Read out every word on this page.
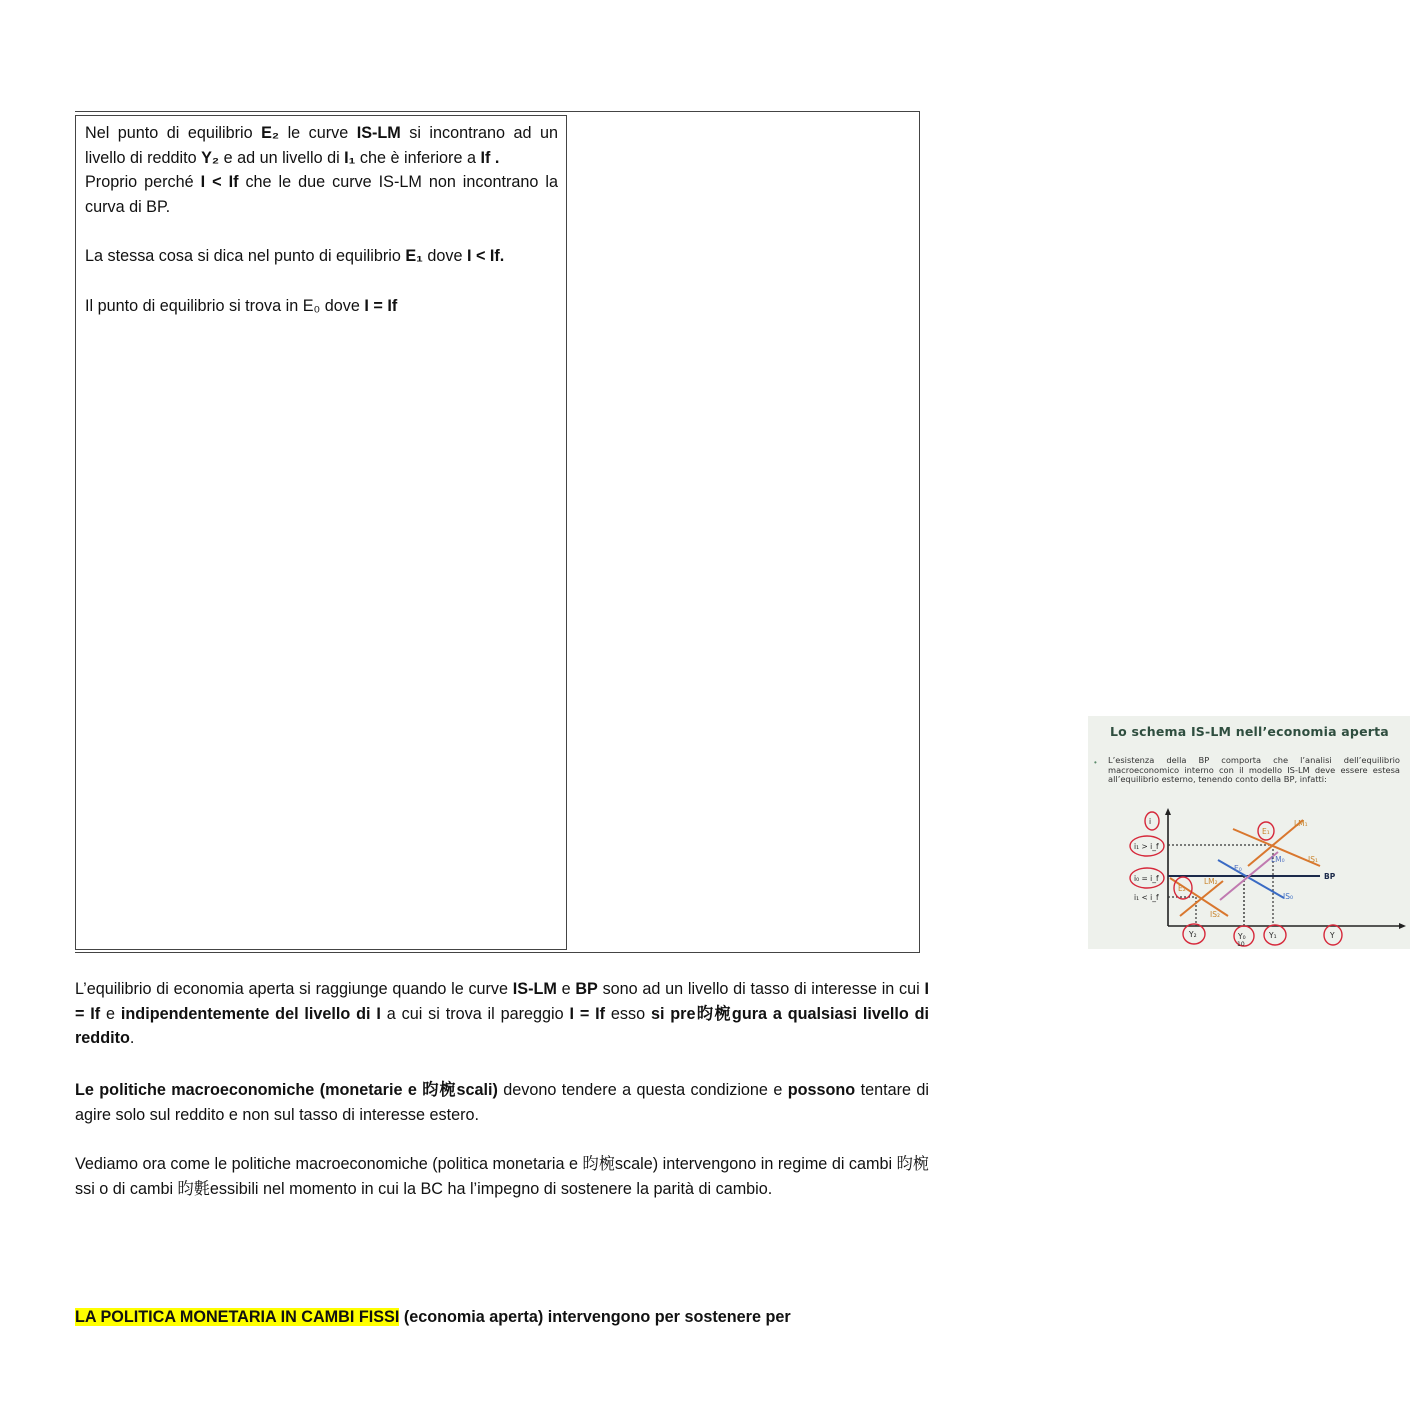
Nel punto di equilibrio E₂ le curve IS-LM si incontrano ad un livello di reddito Y₂ e ad un livello di I₁ che è inferiore a If .

Proprio perché I < If che le due curve IS-LM non incontrano la curva di BP.

La stessa cosa si dica nel punto di equilibrio E₁ dove I < If.

Il punto di equilibrio si trova in E₀ dove I = If

Lo schema IS-LM nell’economia aperta
• L’esistenza della BP comporta che l’analisi dell’equilibrio macroeconomico interno con il modello IS-LM deve essere estesa all’equilibrio esterno, tenendo conto della BP, infatti:
i
i₁ > i_f
i₀ = i_f
i₁ < i_f
LM₁
IS₁
LM₀
BP
IS₀
E₁
E₀
E₂
LM₂
IS₂
Y₂	Y₀	Y₁	Y
10

L’equilibrio di economia aperta si raggiunge quando le curve IS-LM e BP sono ad un livello di tasso di interesse in cui I = If e indipendentemente del livello di I a cui si trova il pareggio I = If esso si pre昀椀gura a qualsiasi livello di reddito.

Le politiche macroeconomiche (monetarie e 昀椀scali) devono tendere a questa condizione e possono tentare di agire solo sul reddito e non sul tasso di interesse estero.

Vediamo ora come le politiche macroeconomiche (politica monetaria e 昀椀scale) intervengono in regime di cambi 昀椀ssi o di cambi 昀氀essibili nel momento in cui la BC ha l’impegno di sostenere la parità di cambio.

LA POLITICA MONETARIA IN CAMBI FISSI (economia aperta) intervengono per sostenere per
